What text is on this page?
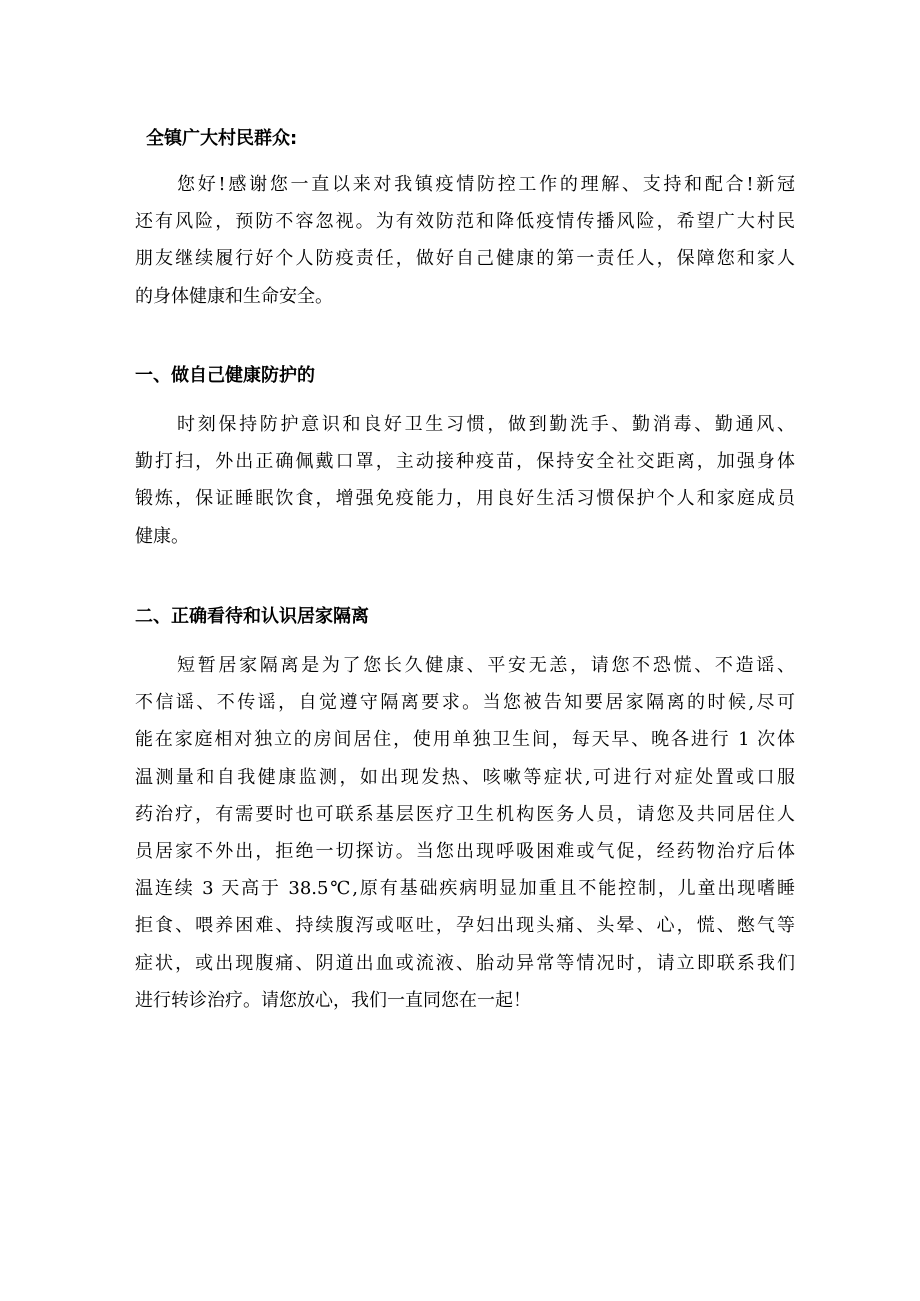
全镇广大村民群众:
您好!感谢您一直以来对我镇疫情防控工作的理解、支持和配合!新冠
还有风险，预防不容忽视。为有效防范和降低疫情传播风险，希望广大村民
朋友继续履行好个人防疫责任，做好自己健康的第一责任人，保障您和家人
的身体健康和生命安全。
一、做自己健康防护的
时刻保持防护意识和良好卫生习惯，做到勤洗手、勤消毒、勤通风、
勤打扫，外出正确佩戴口罩，主动接种疫苗，保持安全社交距离，加强身体
锻炼，保证睡眠饮食，增强免疫能力，用良好生活习惯保护个人和家庭成员
健康。
二、正确看待和认识居家隔离
短暂居家隔离是为了您长久健康、平安无恙，请您不恐慌、不造谣、
不信谣、不传谣，自觉遵守隔离要求。当您被告知要居家隔离的时候,尽可
能在家庭相对独立的房间居住，使用单独卫生间，每天早、晚各进行 1 次体
温测量和自我健康监测，如出现发热、咳嗽等症状,可进行对症处置或口服
药治疗，有需要时也可联系基层医疗卫生机构医务人员，请您及共同居住人
员居家不外出，拒绝一切探访。当您出现呼吸困难或气促，经药物治疗后体
温连续 3 天高于 38.5℃,原有基础疾病明显加重且不能控制，儿童出现嗜睡
拒食、喂养困难、持续腹泻或呕吐，孕妇出现头痛、头晕、心，慌、憋气等
症状，或出现腹痛、阴道出血或流液、胎动异常等情况时，请立即联系我们
进行转诊治疗。请您放心，我们一直同您在一起！
